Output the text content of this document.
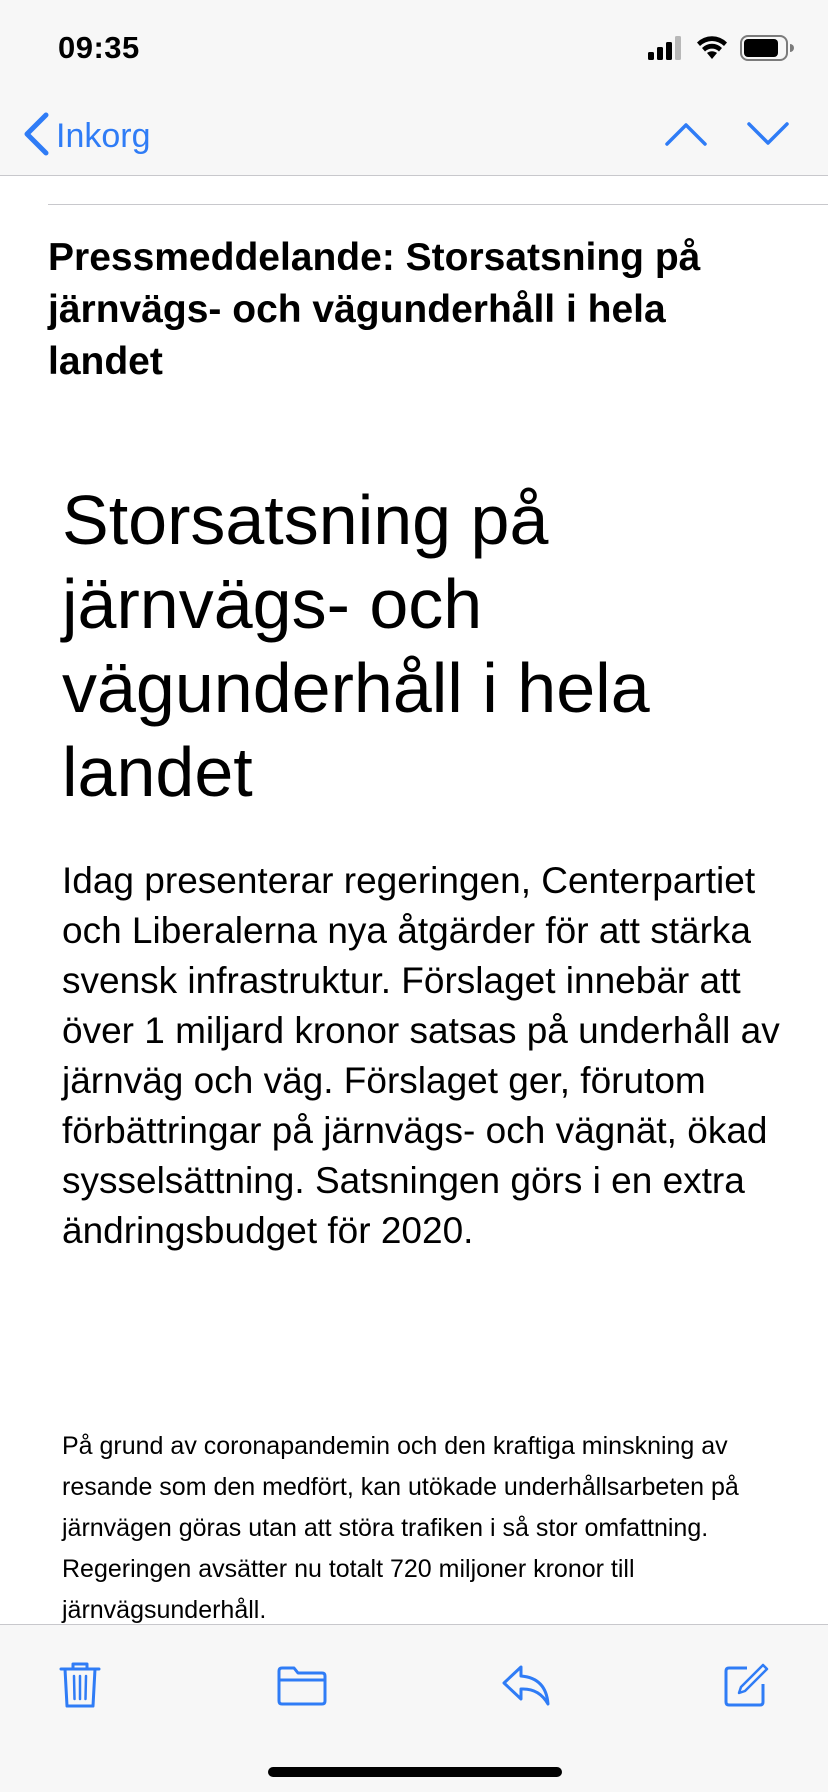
09:35
Inkorg
Pressmeddelande: Storsatsning på järnvägs- och vägunderhåll i hela landet
Storsatsning på järnvägs- och vägunderhåll i hela landet
Idag presenterar regeringen, Centerpartiet och Liberalerna nya åtgärder för att stärka svensk infrastruktur. Förslaget innebär att över 1 miljard kronor satsas på underhåll av järnväg och väg. Förslaget ger, förutom förbättringar på järnvägs- och vägnät, ökad sysselsättning. Satsningen görs i en extra ändringsbudget för 2020.
På grund av coronapandemin och den kraftiga minskning av resande som den medfört, kan utökade underhållsarbeten på järnvägen göras utan att störa trafiken i så stor omfattning. Regeringen avsätter nu totalt 720 miljoner kronor till järnvägsunderhåll.
